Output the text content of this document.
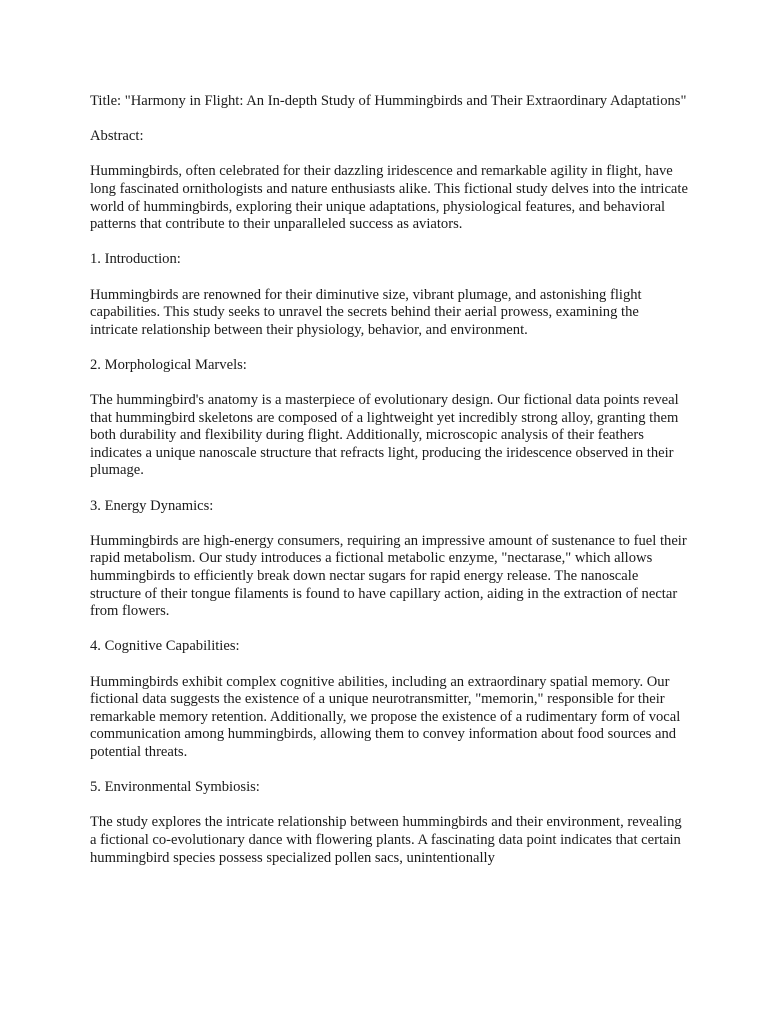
Title: "Harmony in Flight: An In-depth Study of Hummingbirds and Their Extraordinary Adaptations"

Abstract:

Hummingbirds, often celebrated for their dazzling iridescence and remarkable agility in flight, have long fascinated ornithologists and nature enthusiasts alike. This fictional study delves into the intricate world of hummingbirds, exploring their unique adaptations, physiological features, and behavioral patterns that contribute to their unparalleled success as aviators.

1. Introduction:

Hummingbirds are renowned for their diminutive size, vibrant plumage, and astonishing flight capabilities. This study seeks to unravel the secrets behind their aerial prowess, examining the intricate relationship between their physiology, behavior, and environment.

2. Morphological Marvels:

The hummingbird's anatomy is a masterpiece of evolutionary design. Our fictional data points reveal that hummingbird skeletons are composed of a lightweight yet incredibly strong alloy, granting them both durability and flexibility during flight. Additionally, microscopic analysis of their feathers indicates a unique nanoscale structure that refracts light, producing the iridescence observed in their plumage.

3. Energy Dynamics:

Hummingbirds are high-energy consumers, requiring an impressive amount of sustenance to fuel their rapid metabolism. Our study introduces a fictional metabolic enzyme, "nectarase," which allows hummingbirds to efficiently break down nectar sugars for rapid energy release. The nanoscale structure of their tongue filaments is found to have capillary action, aiding in the extraction of nectar from flowers.

4. Cognitive Capabilities:

Hummingbirds exhibit complex cognitive abilities, including an extraordinary spatial memory. Our fictional data suggests the existence of a unique neurotransmitter, "memorin," responsible for their remarkable memory retention. Additionally, we propose the existence of a rudimentary form of vocal communication among hummingbirds, allowing them to convey information about food sources and potential threats.

5. Environmental Symbiosis:

The study explores the intricate relationship between hummingbirds and their environment, revealing a fictional co-evolutionary dance with flowering plants. A fascinating data point indicates that certain hummingbird species possess specialized pollen sacs, unintentionally
